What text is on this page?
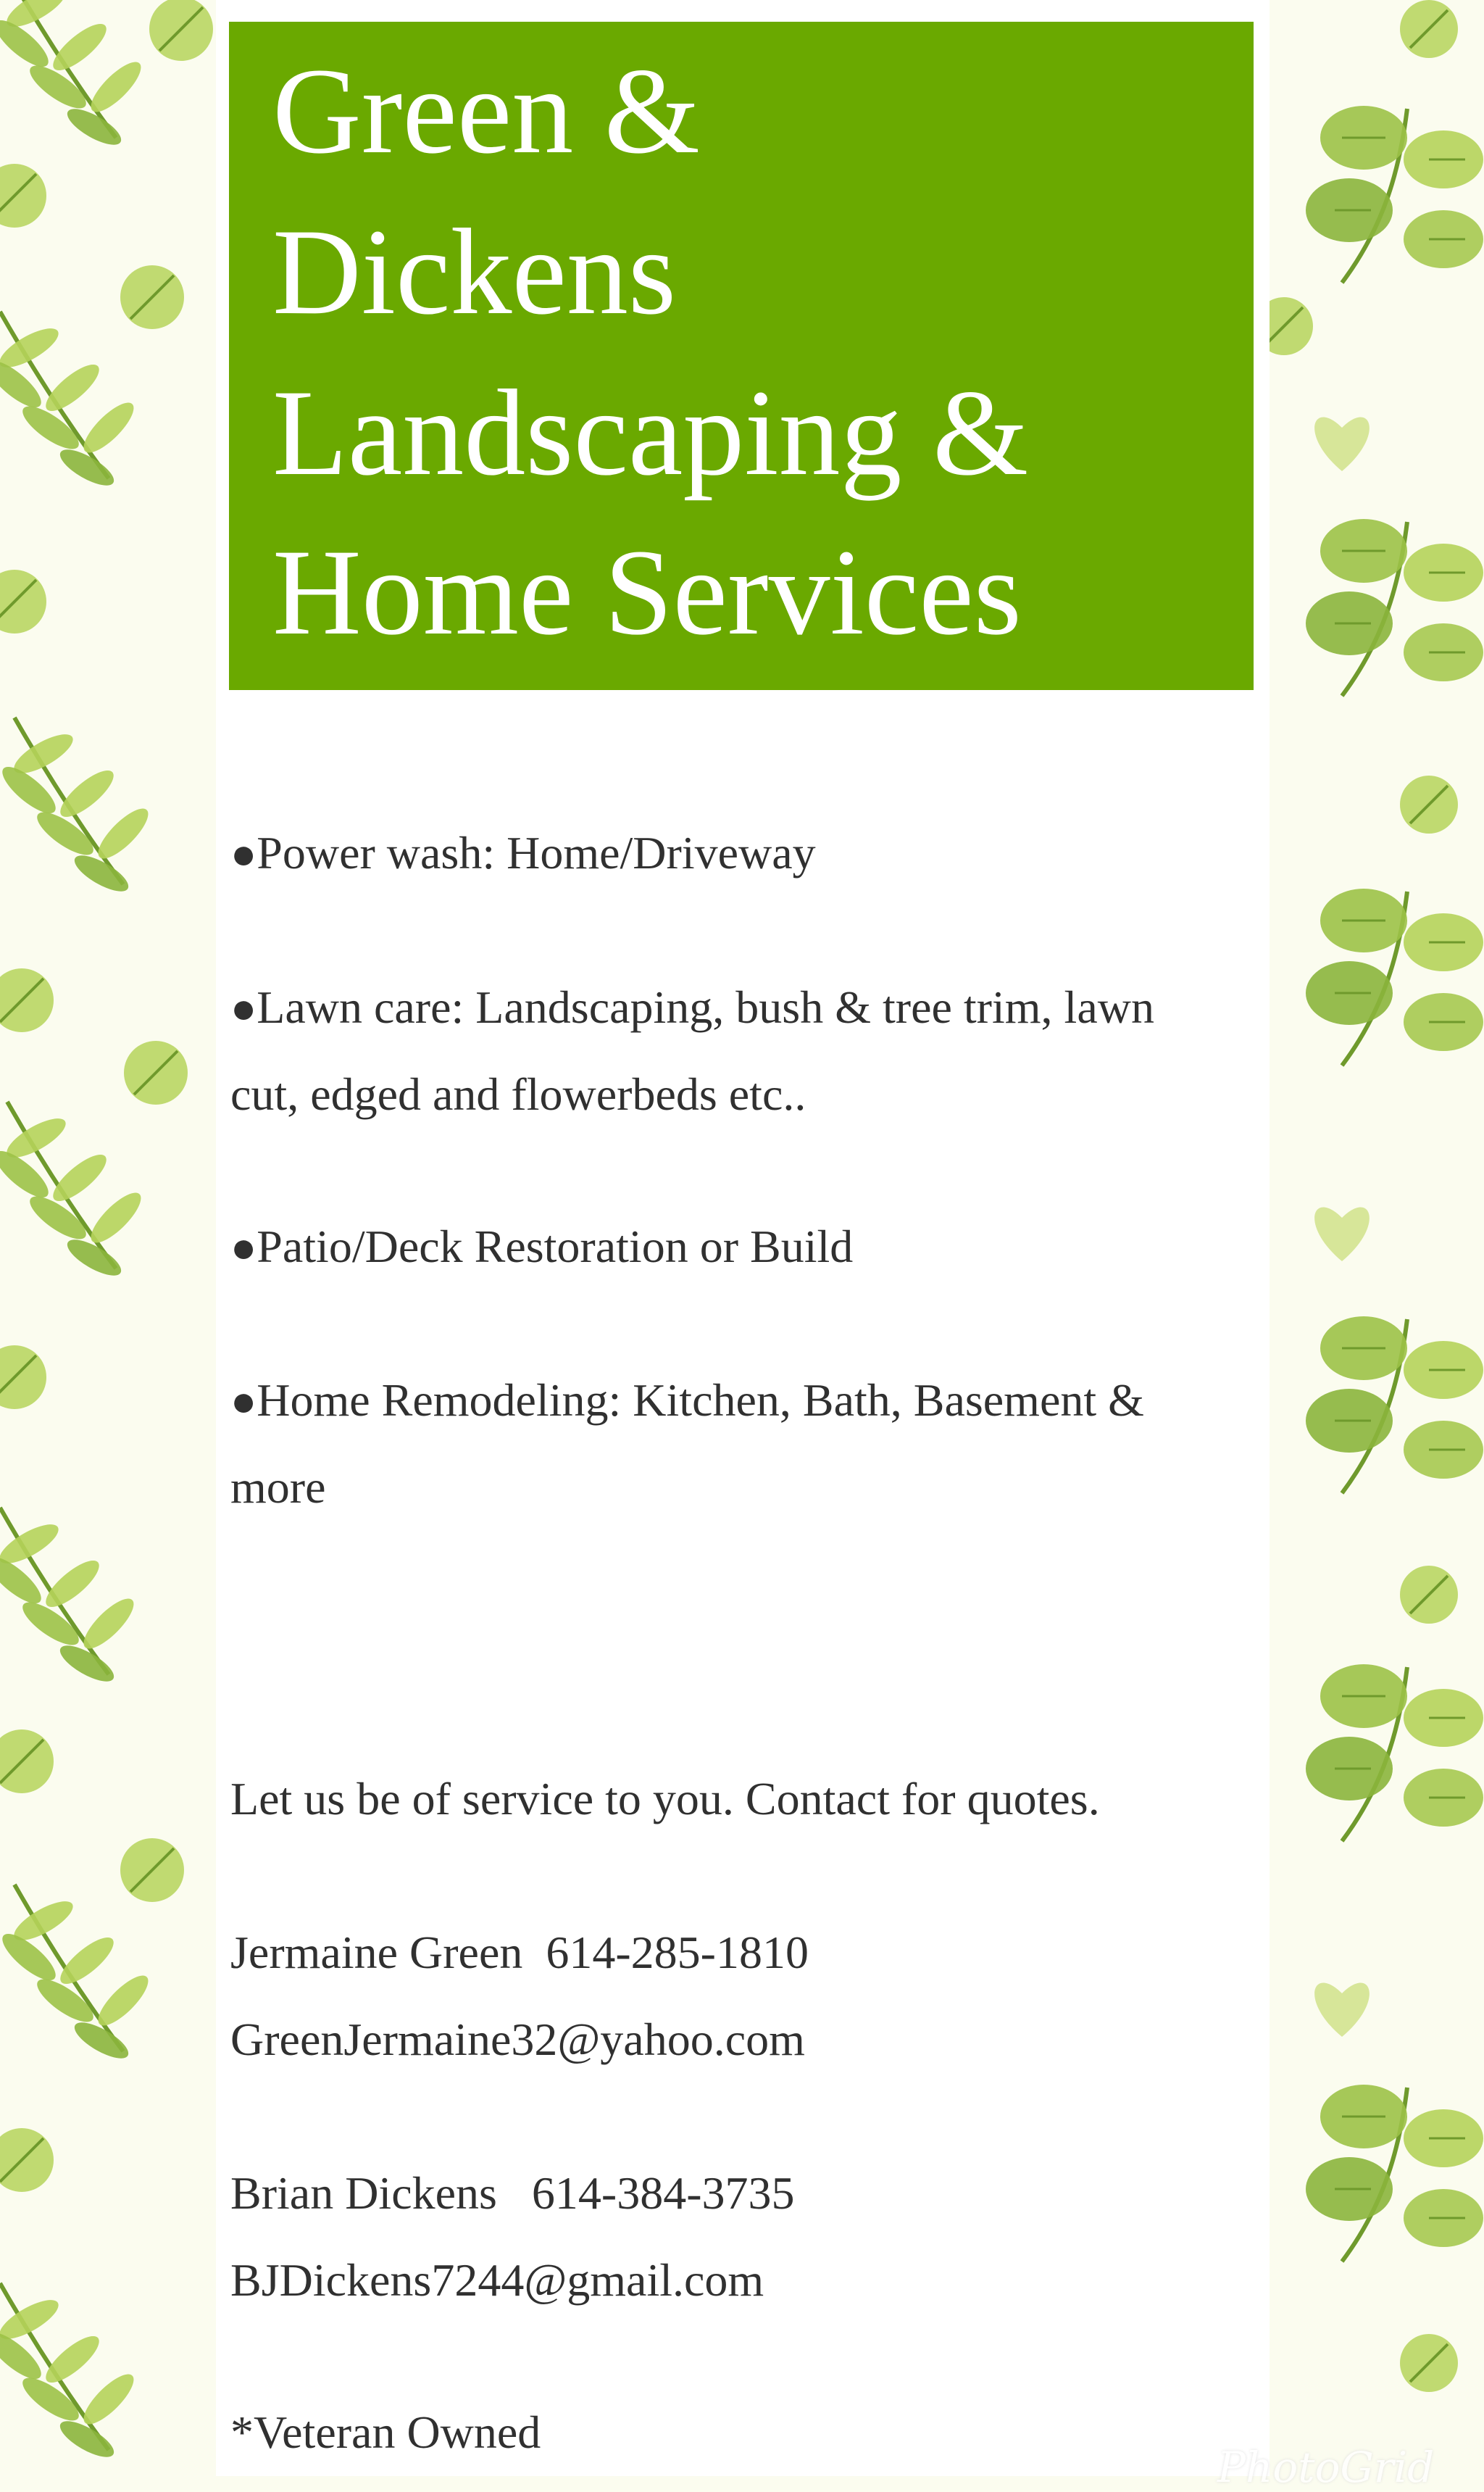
Green &
Dickens
Landscaping &
Home Services

●Power wash: Home/Driveway

●Lawn care: Landscaping, bush & tree trim, lawn

cut, edged and flowerbeds etc..

●Patio/Deck Restoration or Build

●Home Remodeling: Kitchen, Bath, Basement &

more

Let us be of service to you. Contact for quotes.

Jermaine Green  614-285-1810

GreenJermaine32@yahoo.com

Brian Dickens   614-384-3735

BJDickens7244@gmail.com

*Veteran Owned

PhotoGrid
